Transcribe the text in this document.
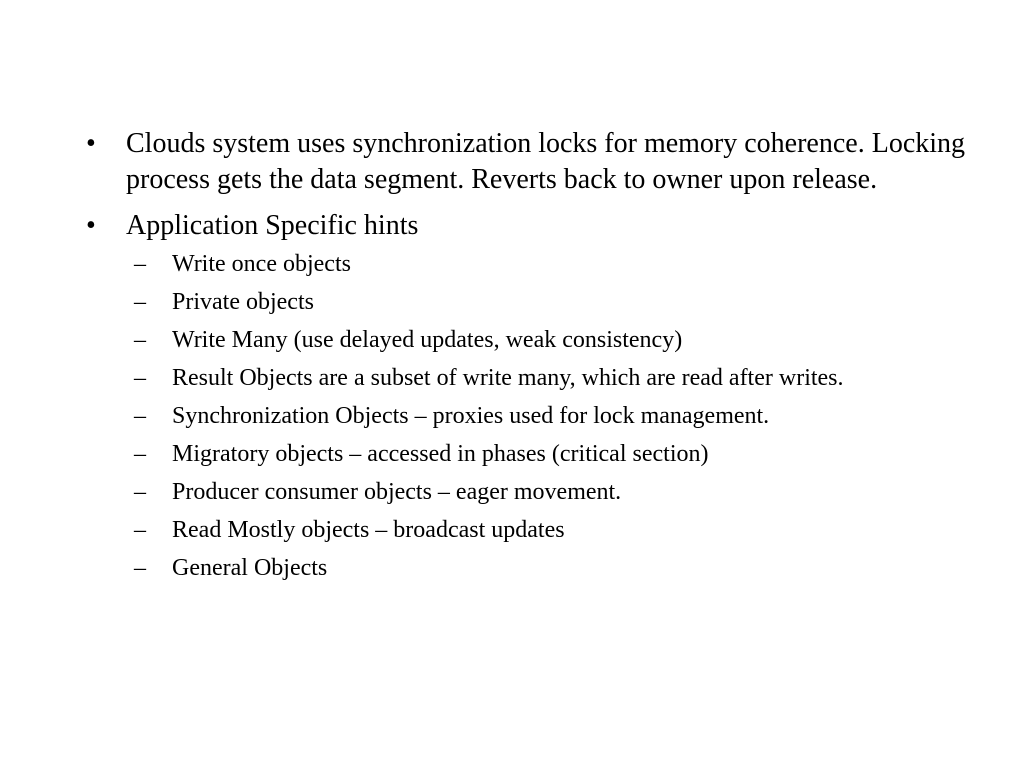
•	Clouds system uses synchronization locks for memory coherence. Locking process gets the data segment. Reverts back to owner upon release.
•	Application Specific hints
–	Write once objects
–	Private objects
–	Write Many (use delayed updates, weak consistency)
–	Result Objects are a subset of write many, which are read after writes.
–	Synchronization Objects – proxies used for lock management.
–	Migratory objects – accessed in phases (critical section)
–	Producer consumer objects – eager movement.
–	Read Mostly objects – broadcast updates
–	General Objects
